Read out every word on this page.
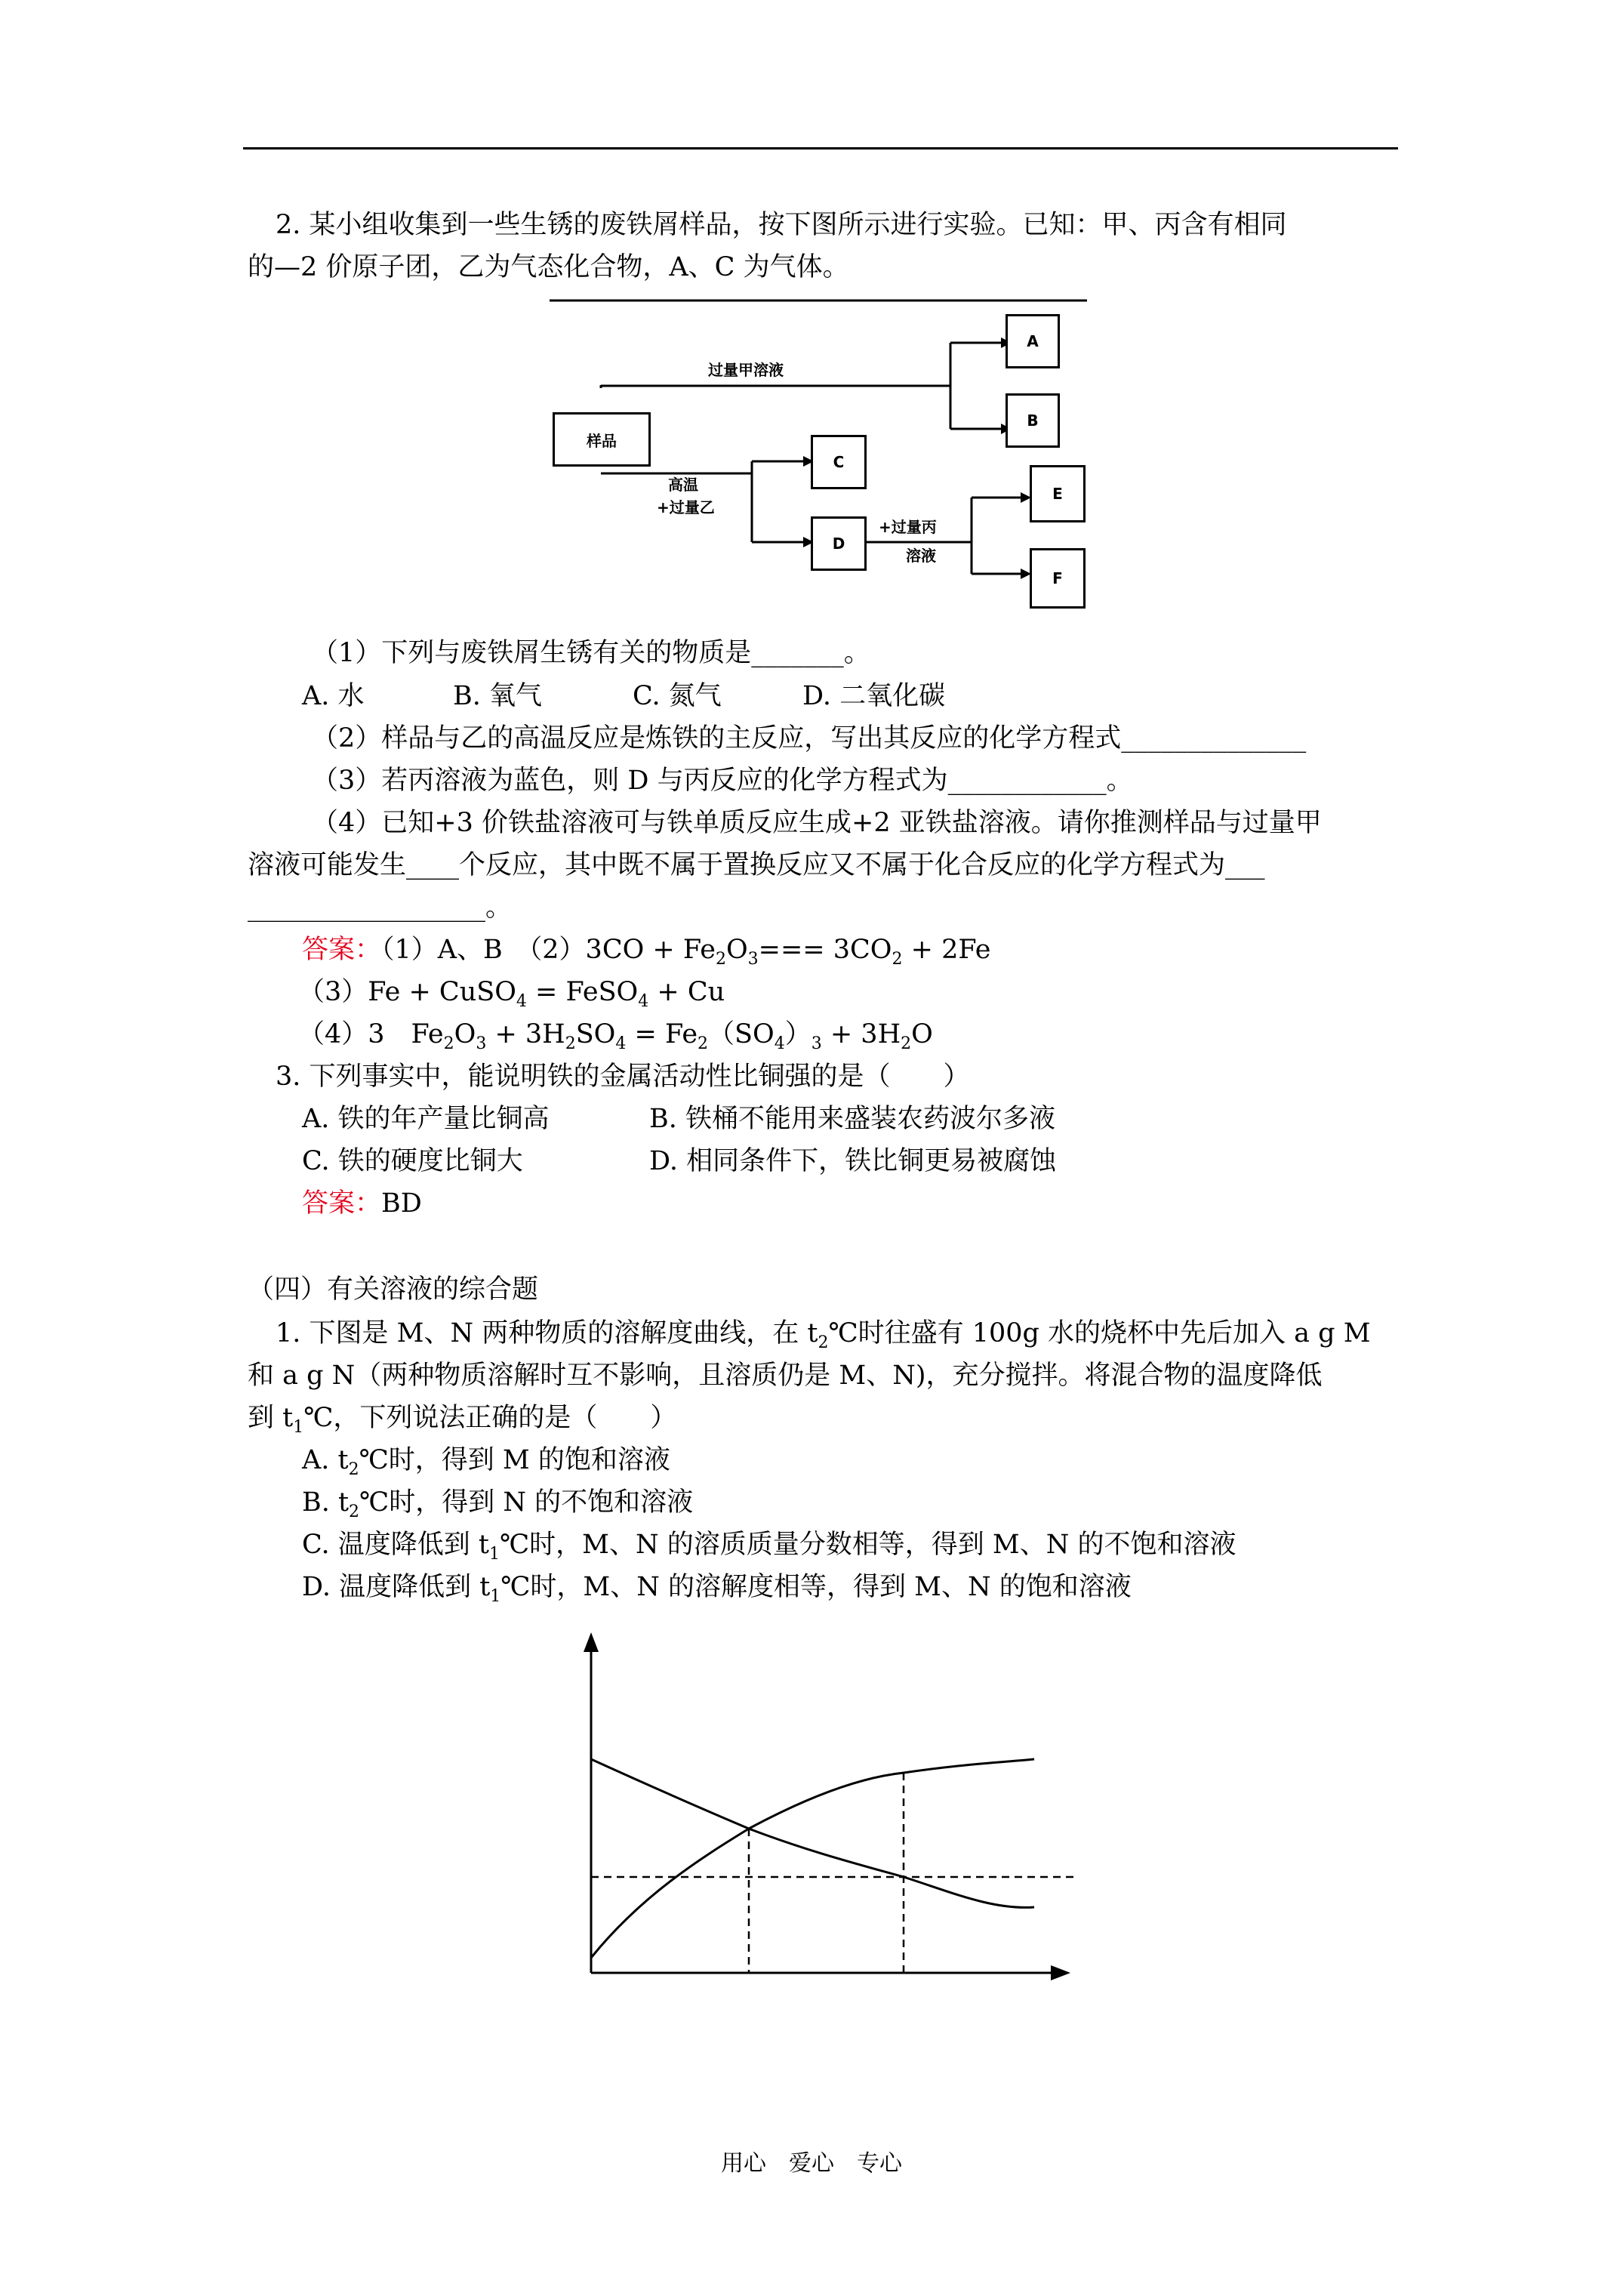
2. 某小组收集到一些生锈的废铁屑样品，按下图所示进行实验。已知：甲、丙含有相同
的—2 价原子团，乙为气态化合物，A、C 为气体。
样品
A
B
C
D
E
F
过量甲溶液
高温
+过量乙
+过量丙
溶液
（1）下列与废铁屑生锈有关的物质是_______。
A. 水	B. 氧气	C. 氮气	D. 二氧化碳
（2）样品与乙的高温反应是炼铁的主反应，写出其反应的化学方程式______________
（3）若丙溶液为蓝色，则 D 与丙反应的化学方程式为____________。
（4）已知+3 价铁盐溶液可与铁单质反应生成+2 亚铁盐溶液。请你推测样品与过量甲
溶液可能发生____个反应，其中既不属于置换反应又不属于化合反应的化学方程式为___
__________________。
答案：（1）A、B　$(2)3CO + Fe_2O_3=== 3CO_2 + 2Fe$
（3）Fe + CuSO$_4$ = FeSO$_4$ + Cu
（4）3　$Fe_2O_3 + 3H_2SO_4 = Fe_2(SO_4)_3 + 3H_2O$
3. 下列事实中，能说明铁的金属活动性比铜强的是（　　）
A. 铁的年产量比铜高	B. 铁桶不能用来盛装农药波尔多液
C. 铁的硬度比铜大	D. 相同条件下，铁比铜更易被腐蚀
答案：BD
（四）有关溶液的综合题
1. 下图是 M、N 两种物质的溶解度曲线，在 $t_2℃$时往盛有 100g 水的烧杯中先后加入 a g M
和 a g N（两种物质溶解时互不影响，且溶质仍是 M、N)，充分搅拌。将混合物的温度降低
到 $t_1℃$，下列说法正确的是（　　）
A. $t_2℃$时，得到 M 的饱和溶液
B. $t_2℃$时，得到 N 的不饱和溶液
C. 温度降低到 $t_1℃$时，M、N 的溶质质量分数相等，得到 M、N 的不饱和溶液
D. 温度降低到 $t_1℃$时，M、N 的溶解度相等，得到 M、N 的饱和溶液
用心　爱心　专心
